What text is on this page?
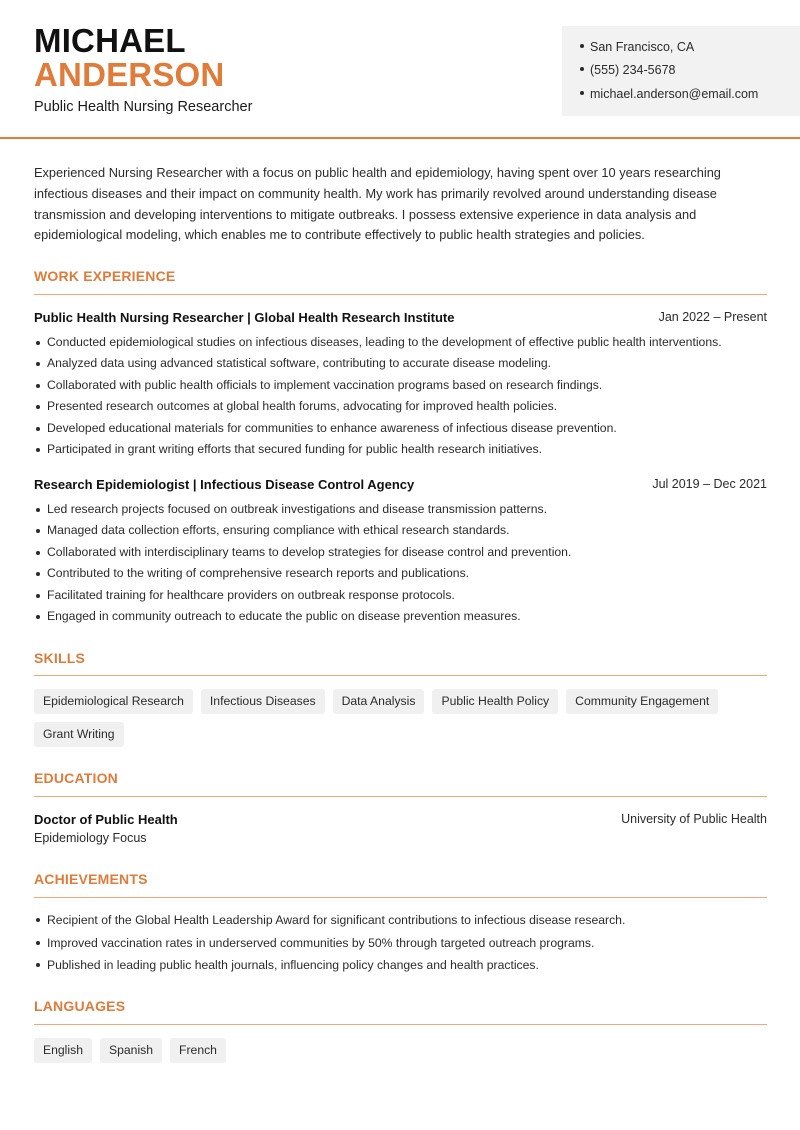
MICHAEL
ANDERSON
Public Health Nursing Researcher
San Francisco, CA
(555) 234-5678
michael.anderson@email.com
Experienced Nursing Researcher with a focus on public health and epidemiology, having spent over 10 years researching infectious diseases and their impact on community health. My work has primarily revolved around understanding disease transmission and developing interventions to mitigate outbreaks. I possess extensive experience in data analysis and epidemiological modeling, which enables me to contribute effectively to public health strategies and policies.
WORK EXPERIENCE
Public Health Nursing Researcher | Global Health Research Institute	Jan 2022 – Present
Conducted epidemiological studies on infectious diseases, leading to the development of effective public health interventions.
Analyzed data using advanced statistical software, contributing to accurate disease modeling.
Collaborated with public health officials to implement vaccination programs based on research findings.
Presented research outcomes at global health forums, advocating for improved health policies.
Developed educational materials for communities to enhance awareness of infectious disease prevention.
Participated in grant writing efforts that secured funding for public health research initiatives.
Research Epidemiologist | Infectious Disease Control Agency	Jul 2019 – Dec 2021
Led research projects focused on outbreak investigations and disease transmission patterns.
Managed data collection efforts, ensuring compliance with ethical research standards.
Collaborated with interdisciplinary teams to develop strategies for disease control and prevention.
Contributed to the writing of comprehensive research reports and publications.
Facilitated training for healthcare providers on outbreak response protocols.
Engaged in community outreach to educate the public on disease prevention measures.
SKILLS
Epidemiological Research	Infectious Diseases	Data Analysis	Public Health Policy	Community Engagement
Grant Writing
EDUCATION
Doctor of Public Health
Epidemiology Focus
University of Public Health
ACHIEVEMENTS
Recipient of the Global Health Leadership Award for significant contributions to infectious disease research.
Improved vaccination rates in underserved communities by 50% through targeted outreach programs.
Published in leading public health journals, influencing policy changes and health practices.
LANGUAGES
English	Spanish	French
